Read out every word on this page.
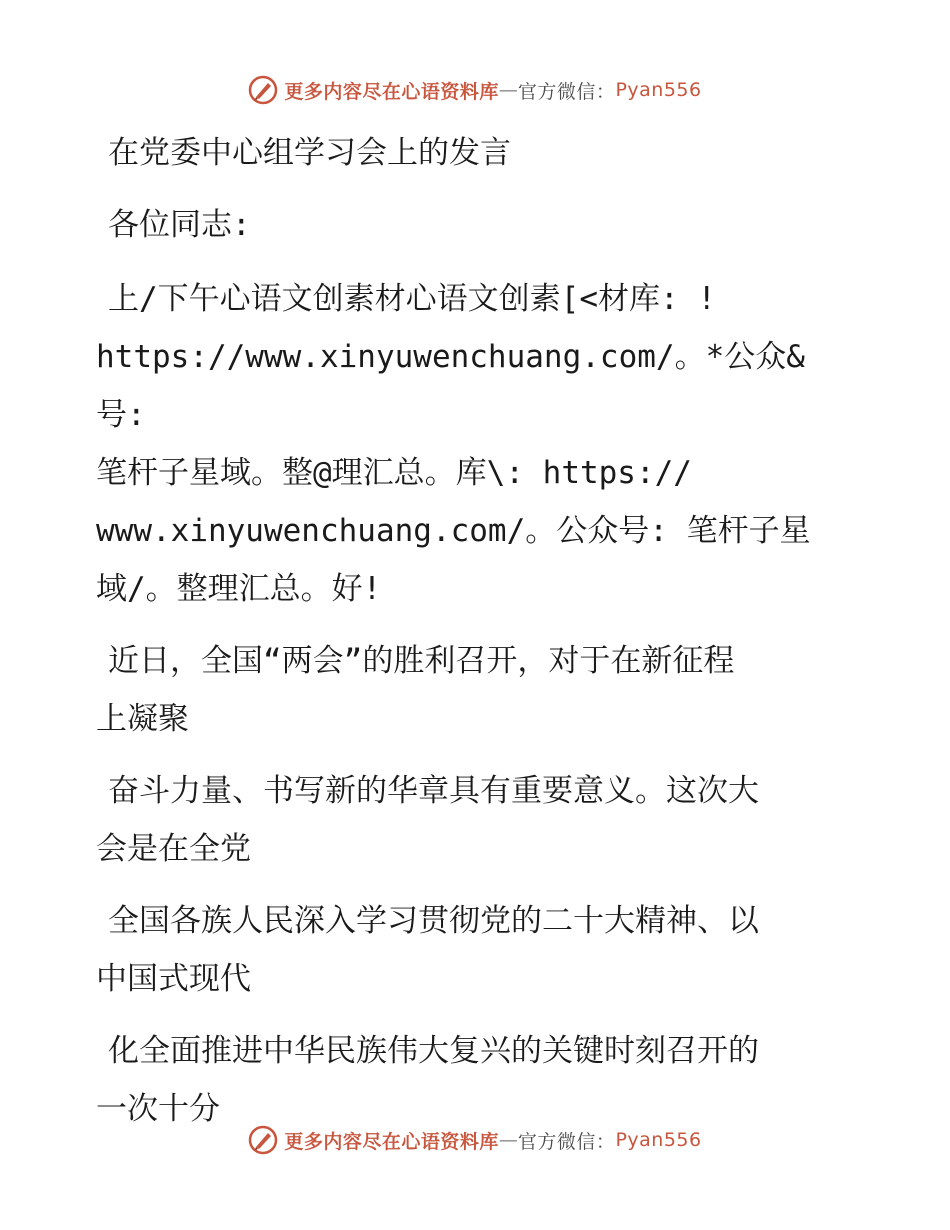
更多内容尽在心语资料库 — 官方微信： Pyan556

在党委中心组学习会上的发言

各位同志:

上/下午心语文创素材心语文创素[<材库: !
https://www.xinyuwenchuang.com/。*公众&号:
笔杆子星域。整@理汇总。库\: https://
www.xinyuwenchuang.com/。公众号: 笔杆子星
域/。整理汇总。好!

近日，全国“两会”的胜利召开，对于在新征程
上凝聚

奋斗力量、书写新的华章具有重要意义。这次大
会是在全党

全国各族人民深入学习贯彻党的二十大精神、以
中国式现代

化全面推进中华民族伟大复兴的关键时刻召开的
一次十分

更多内容尽在心语资料库 — 官方微信： Pyan556
